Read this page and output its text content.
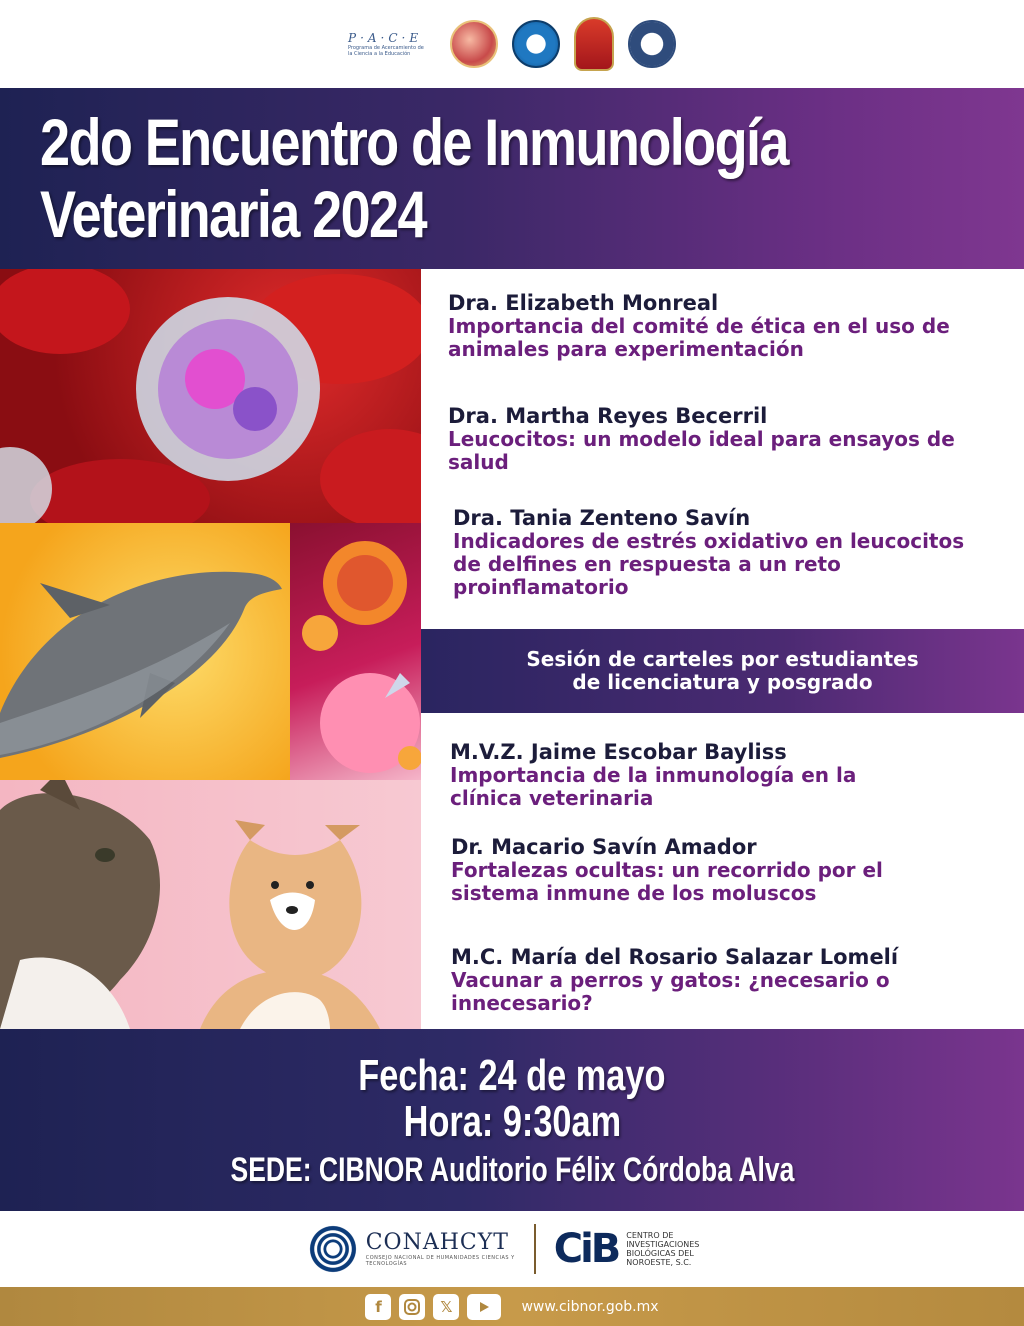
P·A·C·E
Programa de Acercamiento de la Ciencia a la Educación
2do Encuentro de Inmunología
Veterinaria 2024
Dra. Elizabeth Monreal
Importancia del comité de ética en el uso de animales para experimentación
Dra. Martha Reyes Becerril
Leucocitos: un modelo ideal para ensayos de salud
Dra. Tania Zenteno Savín
Indicadores de estrés oxidativo en leucocitos de delfines en respuesta a un reto proinflamatorio
M.V.Z. Jaime Escobar Bayliss
Importancia de la inmunología en la clínica veterinaria
Dr. Macario Savín Amador
Fortalezas ocultas: un recorrido por el sistema inmune de los moluscos
M.C. María del Rosario Salazar Lomelí
Vacunar a perros y gatos: ¿necesario o innecesario?
Sesión de carteles por estudiantes de licenciatura y posgrado
Fecha: 24 de mayo
Hora: 9:30am
SEDE: CIBNOR Auditorio Félix Córdoba Alva
CONAHCYT
CONSEJO NACIONAL DE HUMANIDADES CIENCIAS Y TECNOLOGÍAS	CiB CENTRO DE INVESTIGACIONES BIOLÓGICAS DEL NOROESTE, S.C.
f	𝕏	www.cibnor.gob.mx
